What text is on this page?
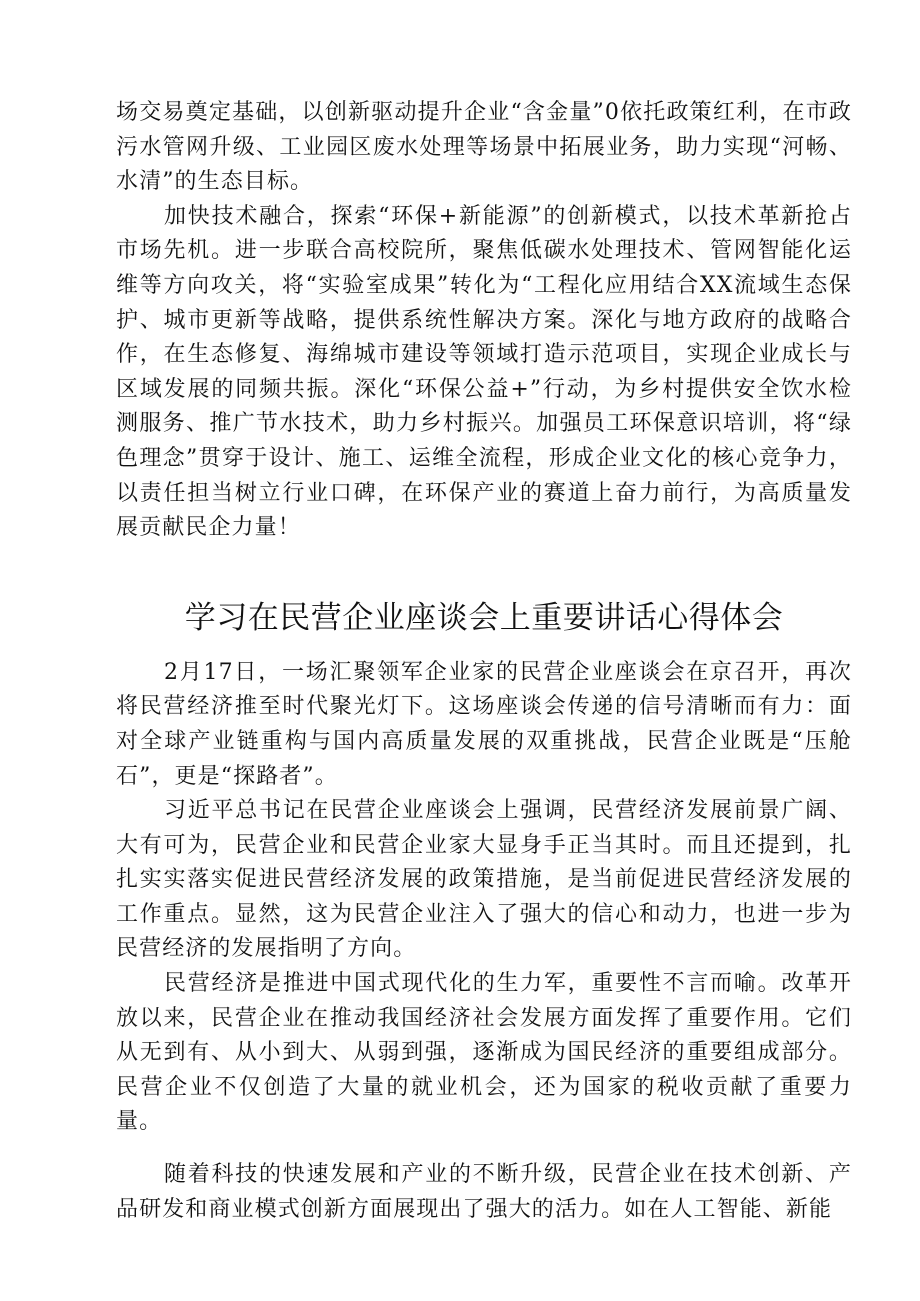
场交易奠定基础，以创新驱动提升企业“含金量”0依托政策红利，在市政污水管网升级、工业园区废水处理等场景中拓展业务，助力实现“河畅、水清”的生态目标。

加快技术融合，探索“环保+新能源”的创新模式，以技术革新抢占市场先机。进一步联合高校院所，聚焦低碳水处理技术、管网智能化运维等方向攻关，将“实验室成果”转化为“工程化应用结合XX流域生态保护、城市更新等战略，提供系统性解决方案。深化与地方政府的战略合作，在生态修复、海绵城市建设等领域打造示范项目，实现企业成长与区域发展的同频共振。深化“环保公益+”行动，为乡村提供安全饮水检测服务、推广节水技术，助力乡村振兴。加强员工环保意识培训，将“绿色理念”贯穿于设计、施工、运维全流程，形成企业文化的核心竞争力，以责任担当树立行业口碑，在环保产业的赛道上奋力前行，为高质量发展贡献民企力量！

学习在民营企业座谈会上重要讲话心得体会

2月17日，一场汇聚领军企业家的民营企业座谈会在京召开，再次将民营经济推至时代聚光灯下。这场座谈会传递的信号清晰而有力：面对全球产业链重构与国内高质量发展的双重挑战，民营企业既是“压舱石”，更是“探路者”。

习近平总书记在民营企业座谈会上强调，民营经济发展前景广阔、大有可为，民营企业和民营企业家大显身手正当其时。而且还提到，扎扎实实落实促进民营经济发展的政策措施，是当前促进民营经济发展的工作重点。显然，这为民营企业注入了强大的信心和动力，也进一步为民营经济的发展指明了方向。

民营经济是推进中国式现代化的生力军，重要性不言而喻。改革开放以来，民营企业在推动我国经济社会发展方面发挥了重要作用。它们从无到有、从小到大、从弱到强，逐渐成为国民经济的重要组成部分。民营企业不仅创造了大量的就业机会，还为国家的税收贡献了重要力量。

随着科技的快速发展和产业的不断升级，民营企业在技术创新、产品研发和商业模式创新方面展现出了强大的活力。如在人工智能、新能
